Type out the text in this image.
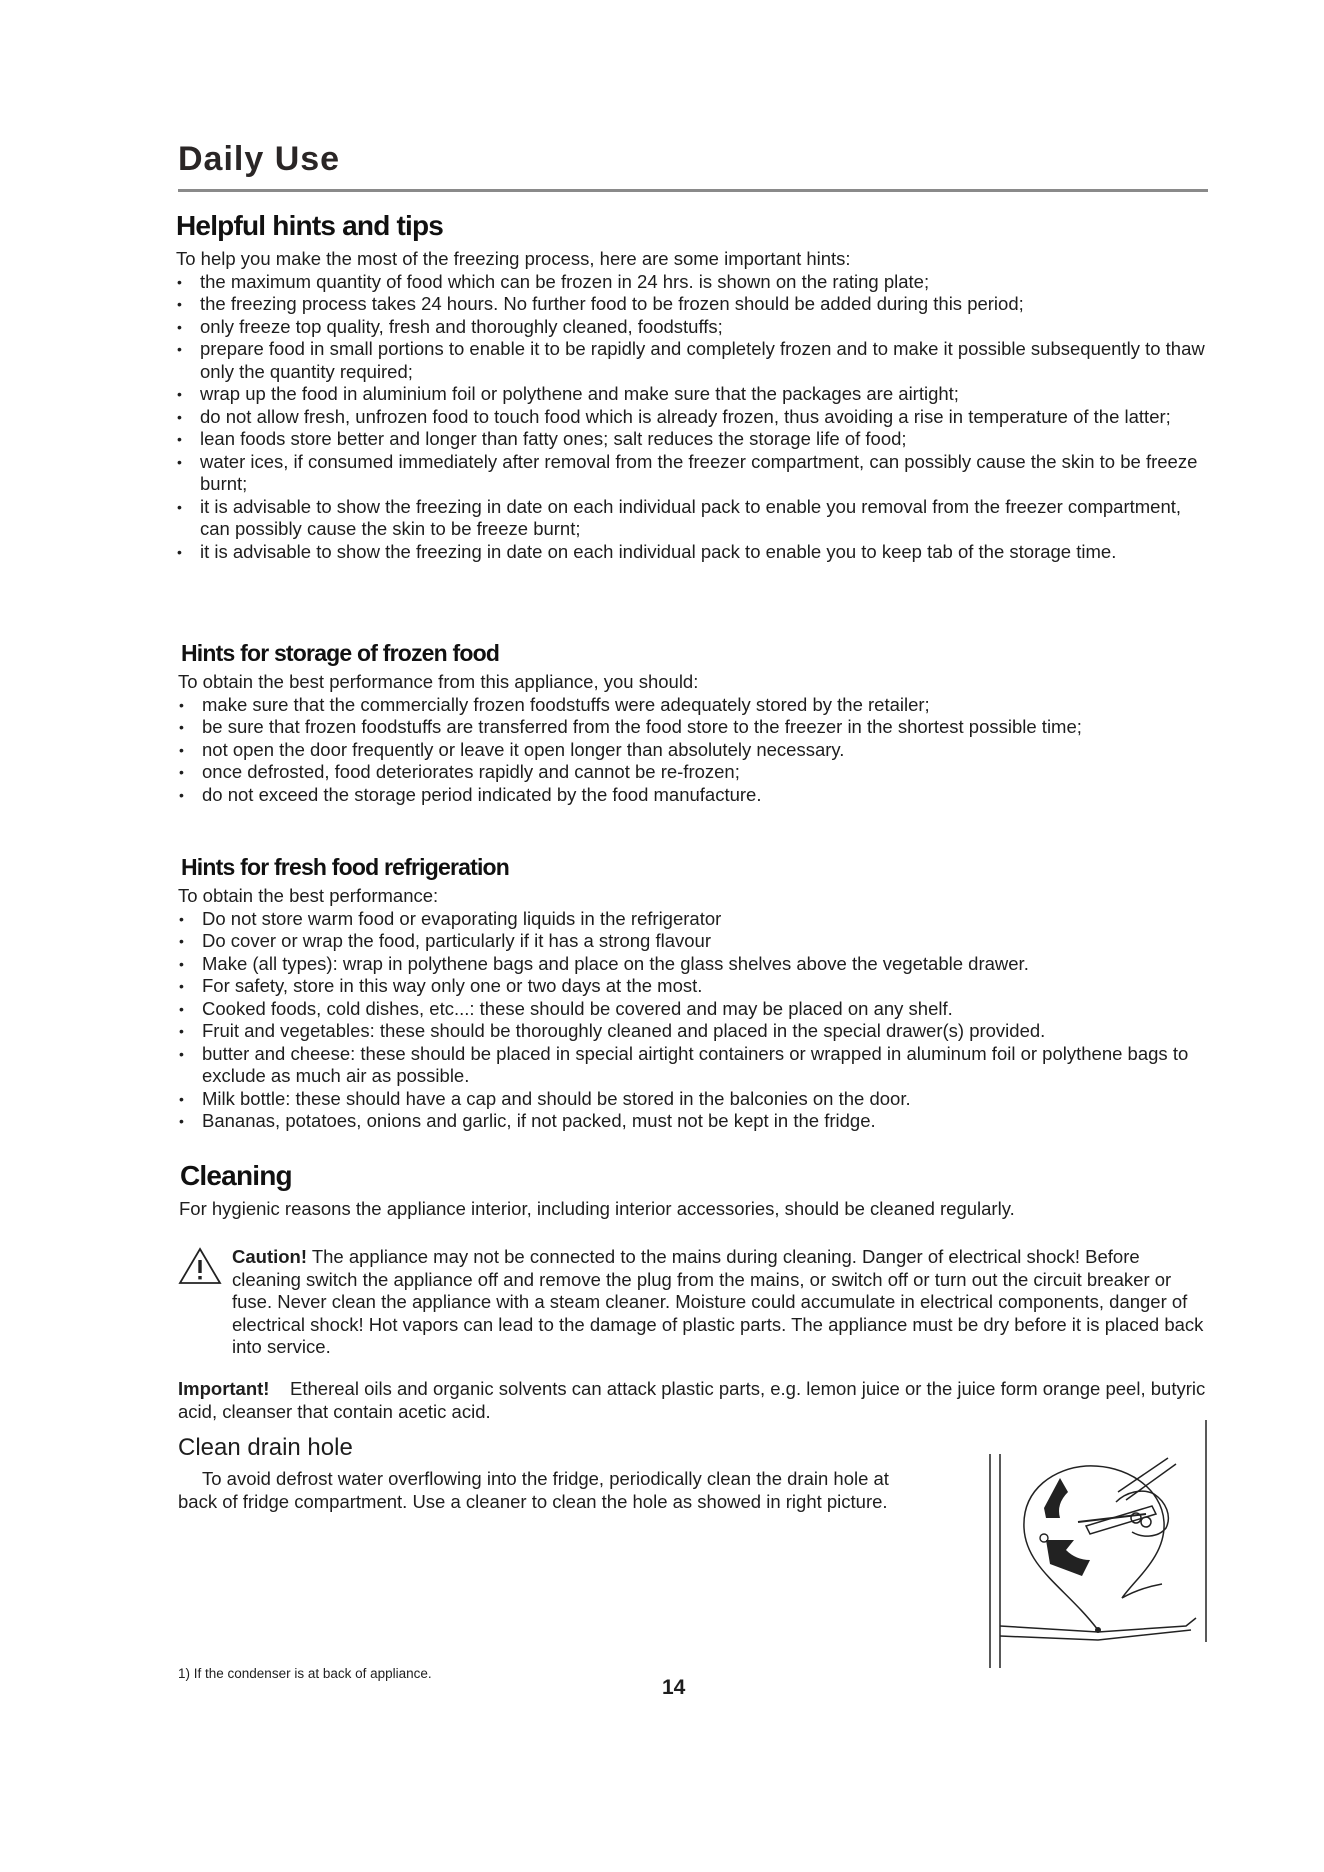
Daily Use
Helpful hints and tips

To help you make the most of the freezing process, here are some important hints:

• the maximum quantity of food which can be frozen in 24 hrs. is shown on the rating plate;
• the freezing process takes 24 hours. No further food to be frozen should be added during this period;
• only freeze top quality, fresh and thoroughly cleaned, foodstuffs;
• prepare food in small portions to enable it to be rapidly and completely frozen and to make it possible subsequently to thaw only the quantity required;
• wrap up the food in aluminium foil or polythene and make sure that the packages are airtight;
• do not allow fresh, unfrozen food to touch food which is already frozen, thus avoiding a rise in temperature of the latter;
• lean foods store better and longer than fatty ones; salt reduces the storage life of food;
• water ices, if consumed immediately after removal from the freezer compartment, can possibly cause the skin to be freeze burnt;
• it is advisable to show the freezing in date on each individual pack to enable you removal from the freezer compartment, can possibly cause the skin to be freeze burnt;
• it is advisable to show the freezing in date on each individual pack to enable you to keep tab of the storage time.
Hints for storage of frozen food

To obtain the best performance from this appliance, you should:

• make sure that the commercially frozen foodstuffs were adequately stored by the retailer;
• be sure that frozen foodstuffs are transferred from the food store to the freezer in the shortest possible time;
• not open the door frequently or leave it open longer than absolutely necessary.
• once defrosted, food deteriorates rapidly and cannot be re-frozen;
• do not exceed the storage period indicated by the food manufacture.
Hints for fresh food refrigeration

To obtain the best performance:

• Do not store warm food or evaporating liquids in the refrigerator
• Do cover or wrap the food, particularly if it has a strong flavour
• Make (all types): wrap in polythene bags and place on the glass shelves above the vegetable drawer.
• For safety, store in this way only one or two days at the most.
• Cooked foods, cold dishes, etc...: these should be covered and may be placed on any shelf.
• Fruit and vegetables: these should be thoroughly cleaned and placed in the special drawer(s) provided.
• butter and cheese: these should be placed in special airtight containers or wrapped in aluminum foil or polythene bags to exclude as much air as possible.
• Milk bottle: these should have a cap and should be stored in the balconies on the door.
• Bananas, potatoes, onions and garlic, if not packed, must not be kept in the fridge.
Cleaning

For hygienic reasons the appliance interior, including interior accessories, should be cleaned regularly.

Caution! The appliance may not be connected to the mains during cleaning. Danger of electrical shock! Before cleaning switch the appliance off and remove the plug from the mains, or switch off or turn out the circuit breaker or fuse. Never clean the appliance with a steam cleaner. Moisture could accumulate in electrical components, danger of electrical shock! Hot vapors can lead to the damage of plastic parts. The appliance must be dry before it is placed back into service.

Important!    Ethereal oils and organic solvents can attack plastic parts, e.g. lemon juice or the juice form orange peel, butyric acid, cleanser that contain acetic acid.

Clean drain hole

To avoid defrost water overflowing into the fridge, periodically clean the drain hole at back of fridge compartment. Use a cleaner to clean the hole as showed in right picture.

1) If the condenser is at back of appliance.
14
